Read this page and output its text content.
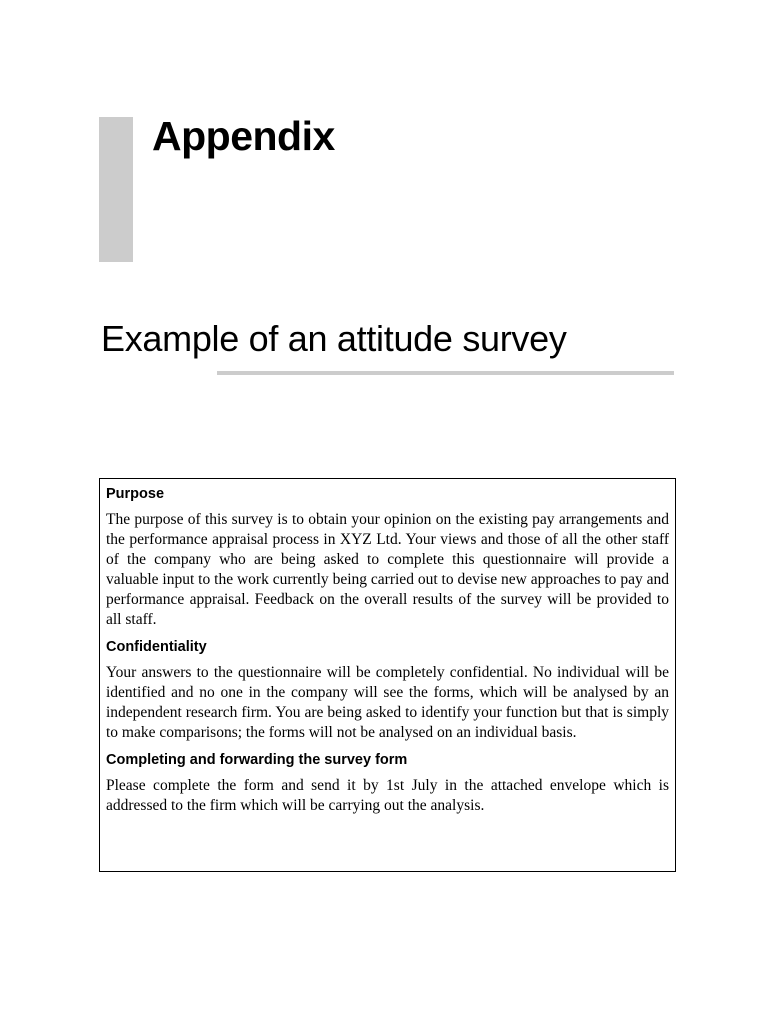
Appendix
Example of an attitude survey
Purpose

The purpose of this survey is to obtain your opinion on the existing pay arrangements and the performance appraisal process in XYZ Ltd. Your views and those of all the other staff of the company who are being asked to complete this questionnaire will provide a valuable input to the work currently being carried out to devise new approaches to pay and performance appraisal. Feedback on the overall results of the survey will be provided to all staff.

Confidentiality

Your answers to the questionnaire will be completely confidential. No individual will be identified and no one in the company will see the forms, which will be analysed by an independent research firm. You are being asked to identify your function but that is simply to make comparisons; the forms will not be analysed on an individual basis.

Completing and forwarding the survey form

Please complete the form and send it by 1st July in the attached envelope which is addressed to the firm which will be carrying out the analysis.
